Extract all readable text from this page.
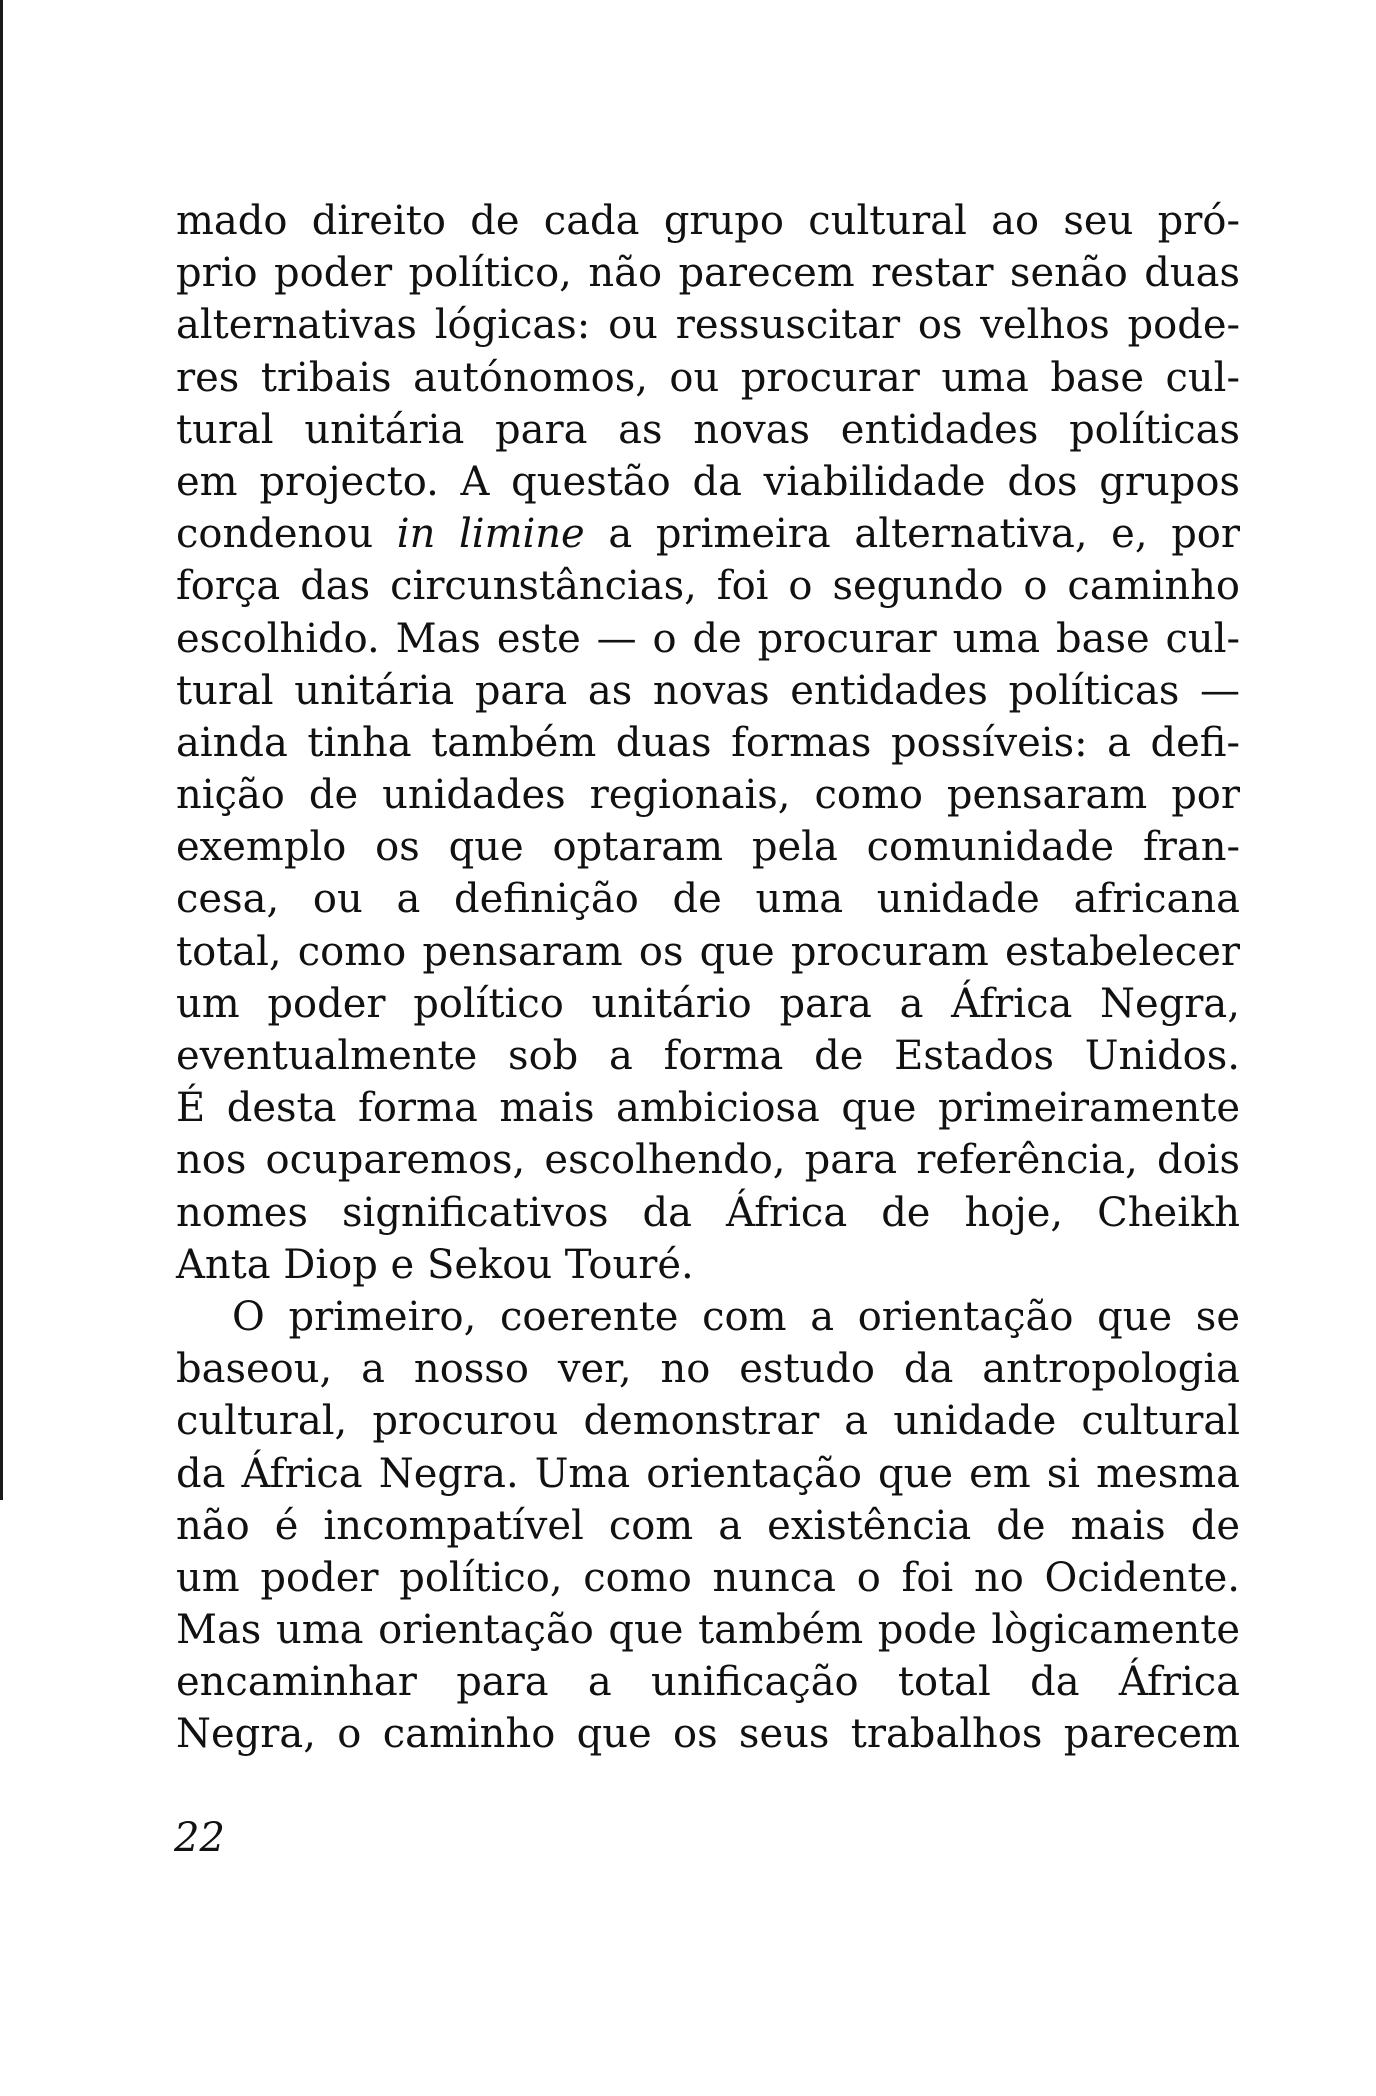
mado direito de cada grupo cultural ao seu pró-
prio poder político, não parecem restar senão duas
alternativas lógicas: ou ressuscitar os velhos pode-
res tribais autónomos, ou procurar uma base cul-
tural unitária para as novas entidades políticas
em projecto. A questão da viabilidade dos grupos
condenou in limine a primeira alternativa, e, por
força das circunstâncias, foi o segundo o caminho
escolhido. Mas este — o de procurar uma base cul-
tural unitária para as novas entidades políticas —
ainda tinha também duas formas possíveis: a defi-
nição de unidades regionais, como pensaram por
exemplo os que optaram pela comunidade fran-
cesa, ou a definição de uma unidade africana
total, como pensaram os que procuram estabelecer
um poder político unitário para a África Negra,
eventualmente sob a forma de Estados Unidos.
É desta forma mais ambiciosa que primeiramente
nos ocuparemos, escolhendo, para referência, dois
nomes significativos da África de hoje, Cheikh
Anta Diop e Sekou Touré.
O primeiro, coerente com a orientação que se
baseou, a nosso ver, no estudo da antropologia
cultural, procurou demonstrar a unidade cultural
da África Negra. Uma orientação que em si mesma
não é incompatível com a existência de mais de
um poder político, como nunca o foi no Ocidente.
Mas uma orientação que também pode lògicamente
encaminhar para a unificação total da África
Negra, o caminho que os seus trabalhos parecem
22
